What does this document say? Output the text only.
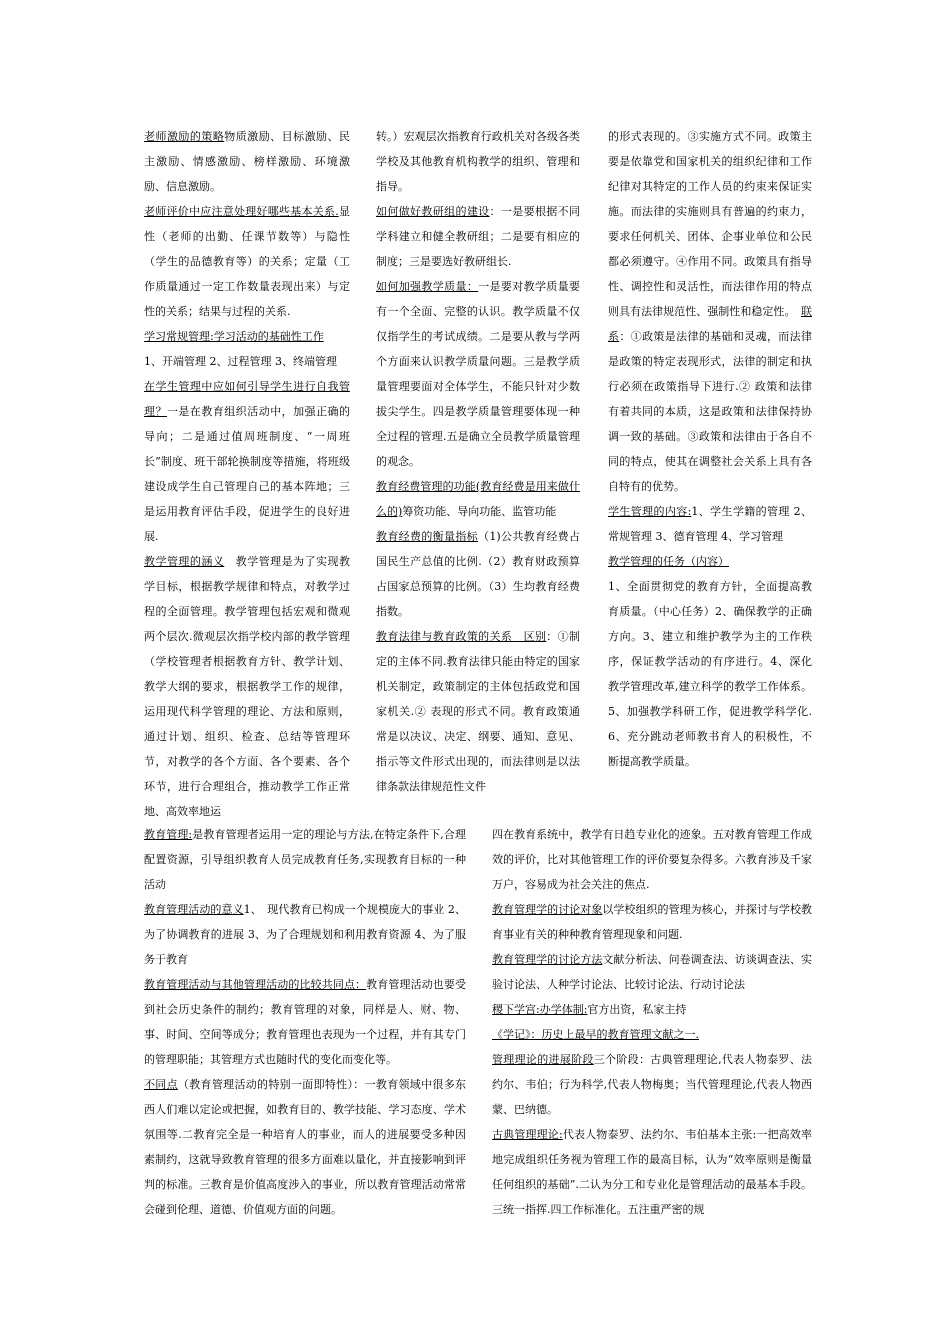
老师激励的策略物质激励、目标激励、民主激励、情感激励、榜样激励、环境激励、信息激励。

老师评价中应注意处理好哪些基本关系.显性（老师的出勤、任课节数等）与隐性（学生的品德教育等）的关系；定量（工作质量通过一定工作数量表现出来）与定性的关系；结果与过程的关系.

学习常规管理:学习活动的基础性工作

1、开端管理 2、过程管理 3、终端管理

在学生管理中应如何引导学生进行自我管理？一是在教育组织活动中，加强正确的导向；二是通过值周班制度、“一周班长”制度、班干部轮换制度等措施，将班级建设成学生自己管理自己的基本阵地；三是运用教育评估手段，促进学生的良好进展.

教学管理的涵义　教学管理是为了实现教学目标，根据教学规律和特点，对教学过程的全面管理。教学管理包括宏观和微观两个层次.微观层次指学校内部的教学管理（学校管理者根据教育方针、教学计划、教学大纲的要求，根据教学工作的规律，运用现代科学管理的理论、方法和原则，通过计划、组织、检查、总结等管理环节，对教学的各个方面、各个要素、各个环节，进行合理组合，推动教学工作正常地、高效率地运

转。）宏观层次指教育行政机关对各级各类学校及其他教育机构教学的组织、管理和指导。

如何做好教研组的建设：一是要根据不同学科建立和健全教研组；二是要有相应的制度；三是要选好教研组长.

如何加强教学质量：一是要对教学质量要有一个全面、完整的认识。教学质量不仅仅指学生的考试成绩。二是要从教与学两个方面来认识教学质量问题。三是教学质量管理要面对全体学生，不能只针对少数拔尖学生。四是教学质量管理要体现一种全过程的管理.五是确立全员教学质量管理的观念。

教育经费管理的功能(教育经费是用来做什么的)筹资功能、导向功能、监管功能

教育经费的衡量指标（1)公共教育经费占国民生产总值的比例.（2）教育财政预算占国家总预算的比例。（3）生均教育经费指数。

教育法律与教育政策的关系　区别：①制定的主体不同.教育法律只能由特定的国家机关制定，政策制定的主体包括政党和国家机关.② 表现的形式不同。教育政策通常是以决议、决定、纲要、通知、意见、指示等文件形式出现的，而法律则是以法律条款法律规范性文件

的形式表现的。③实施方式不同。政策主要是依靠党和国家机关的组织纪律和工作纪律对其特定的工作人员的约束来保证实施。而法律的实施则具有普遍的约束力，要求任何机关、团体、企事业单位和公民都必须遵守。④作用不同。政策具有指导性、调控性和灵活性，而法律作用的特点则具有法律规范性、强制性和稳定性。　联系：①政策是法律的基础和灵魂，而法律是政策的特定表现形式，法律的制定和执行必须在政策指导下进行.② 政策和法律有着共同的本质，这是政策和法律保持协调一致的基础。③政策和法律由于各自不同的特点，使其在调整社会关系上具有各自特有的优势。

学生管理的内容:1、学生学籍的管理 2、常规管理 3、德育管理 4、学习管理

教学管理的任务（内容）

1、全面贯彻党的教育方针，全面提高教育质量。（中心任务）2、确保教学的正确方向。3、建立和维护教学为主的工作秩序，保证教学活动的有序进行。4、深化教学管理改革,建立科学的教学工作体系。5、加强教学科研工作，促进教学科学化.6、充分跳动老师教书育人的积极性，不断提高教学质量。

教育管理:是教育管理者运用一定的理论与方法,在特定条件下,合理配置资源，引导组织教育人员完成教育任务,实现教育目标的一种活动

教育管理活动的意义1、　现代教育已构成一个规模庞大的事业 2、为了协调教育的进展 3、为了合理规划和利用教育资源 4、为了服务于教育

教育管理活动与其他管理活动的比较共同点：教育管理活动也要受到社会历史条件的制约；教育管理的对象，同样是人、财、物、事、时间、空间等成分；教育管理也表现为一个过程，并有其专门的管理职能；其管理方式也随时代的变化而变化等。

不同点（教育管理活动的特别一面即特性）：一教育领域中很多东西人们难以定论或把握，如教育目的、教学技能、学习态度、学术氛围等.二教育完全是一种培育人的事业，而人的进展要受多种因素制约，这就导致教育管理的很多方面难以量化，并直接影响到评判的标准。三教育是价值高度涉入的事业，所以教育管理活动常常会碰到伦理、道德、价值观方面的问题。

四在教育系统中，教学有日趋专业化的迹象。五对教育管理工作成效的评价，比对其他管理工作的评价要复杂得多。六教育涉及千家万户，容易成为社会关注的焦点.

教育管理学的讨论对象以学校组织的管理为核心，并探讨与学校教育事业有关的种种教育管理现象和问题.

教育管理学的讨论方法文献分析法、问卷调查法、访谈调查法、实验讨论法、人种学讨论法、比较讨论法、行动讨论法

稷下学宫:办学体制:官方出资，私家主持

《学记》：历史上最早的教育管理文献之一.

管理理论的进展阶段三个阶段：古典管理理论,代表人物泰罗、法约尔、韦伯；行为科学,代表人物梅奥；当代管理理论,代表人物西蒙、巴纳德。

古典管理理论:代表人物泰罗、法约尔、韦伯基本主张:一把高效率地完成组织任务视为管理工作的最高目标，认为“效率原则是衡量任何组织的基础”.二认为分工和专业化是管理活动的最基本手段。三统一指挥.四工作标准化。五注重严密的规
